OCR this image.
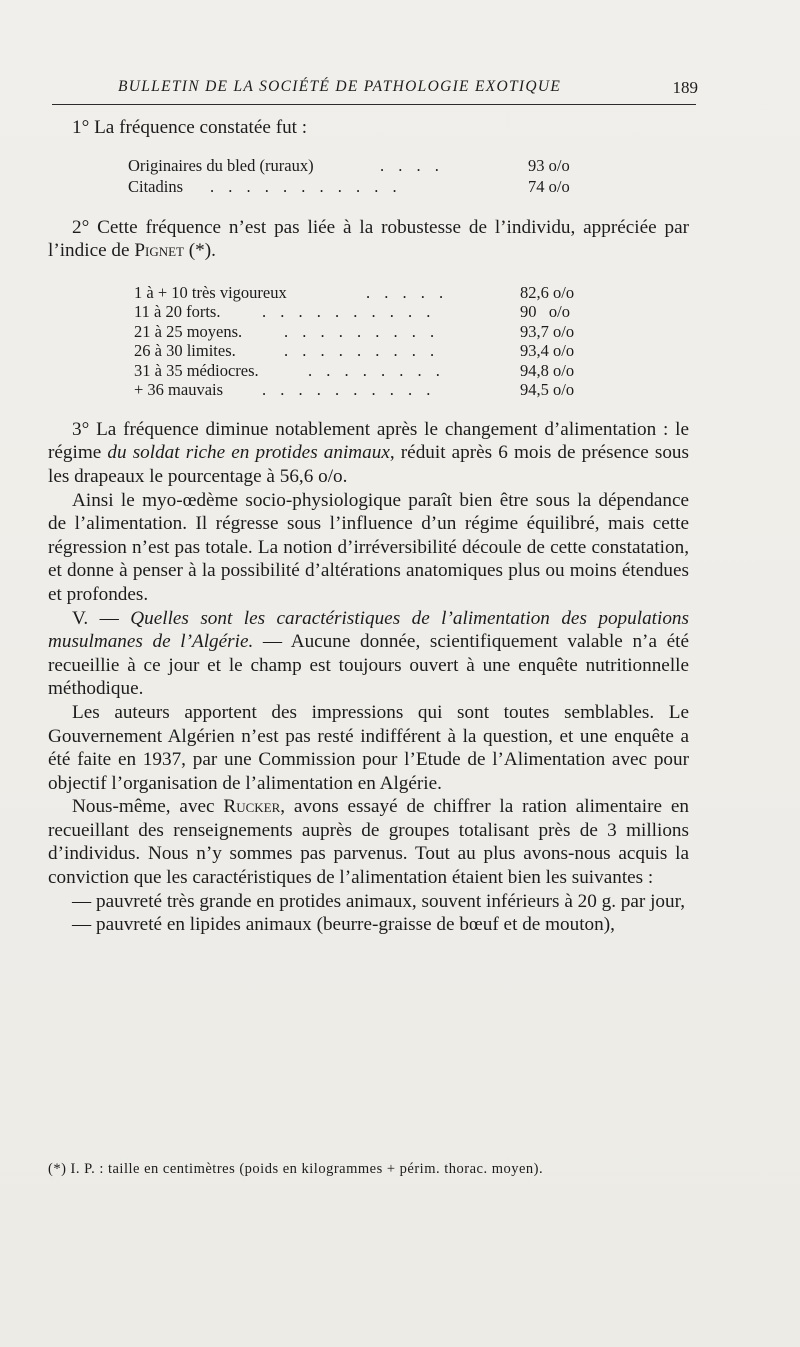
BULLETIN DE LA SOCIÉTÉ DE PATHOLOGIE EXOTIQUE	189

1° La fréquence constatée fut :

Originaires du bled (ruraux)	. . . .	93 o/o
Citadins . . . . . . . . . . .	74 o/o

2° Cette fréquence n’est pas liée à la robustesse de l’individu, appréciée par l’indice de Pignet (*).

1 à + 10 très vigoureux	. . . . .	82,6 o/o
11 à 20 forts.	. . . . . . . . . .	90   o/o
21 à 25 moyens.	. . . . . . . . .	93,7 o/o
26 à 30 limites.	. . . . . . . . .	93,4 o/o
31 à 35 médiocres.	. . . . . . . .	94,8 o/o
+ 36 mauvais . . . . . . . . . .	94,5 o/o

3° La fréquence diminue notablement après le changement d’alimentation : le régime du soldat riche en protides animaux, réduit après 6 mois de présence sous les drapeaux le pourcentage à 56,6 o/o.

Ainsi le myo-œdème socio-physiologique paraît bien être sous la dépendance de l’alimentation. Il régresse sous l’influence d’un régime équilibré, mais cette régression n’est pas totale. La notion d’irréversibilité découle de cette constatation, et donne à penser à la possibilité d’altérations anatomiques plus ou moins étendues et profondes.

V. — Quelles sont les caractéristiques de l’alimentation des populations musulmanes de l’Algérie. — Aucune donnée, scientifiquement valable n’a été recueillie à ce jour et le champ est toujours ouvert à une enquête nutritionnelle méthodique.

Les auteurs apportent des impressions qui sont toutes semblables. Le Gouvernement Algérien n’est pas resté indifférent à la question, et une enquête a été faite en 1937, par une Commission pour l’Etude de l’Alimentation avec pour objectif l’organisation de l’alimentation en Algérie.

Nous-même, avec Rucker, avons essayé de chiffrer la ration alimentaire en recueillant des renseignements auprès de groupes totalisant près de 3 millions d’individus. Nous n’y sommes pas parvenus. Tout au plus avons-nous acquis la conviction que les caractéristiques de l’alimentation étaient bien les suivantes :

— pauvreté très grande en protides animaux, souvent inférieurs à 20 g. par jour,

— pauvreté en lipides animaux (beurre-graisse de bœuf et de mouton),

(*) I. P. : taille en centimètres (poids en kilogrammes + périm. thorac. moyen).
